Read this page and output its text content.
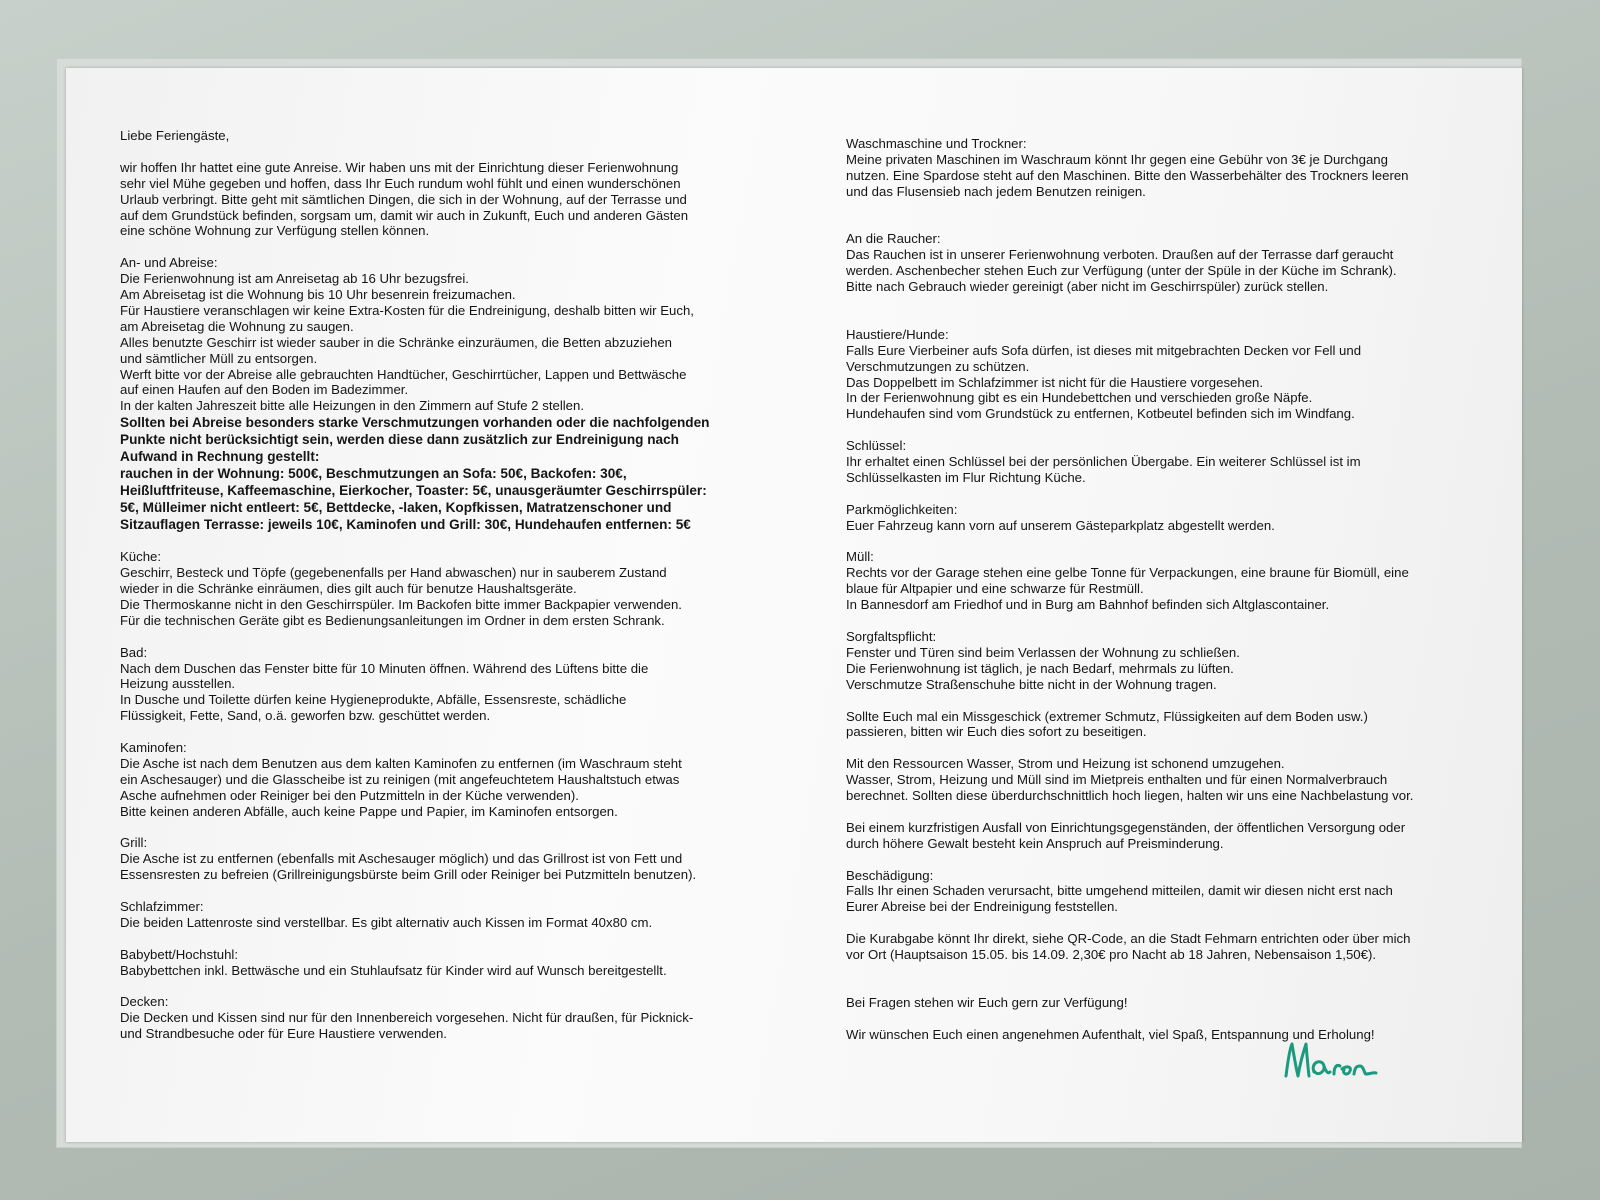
Liebe Feriengäste,
wir hoffen Ihr hattet eine gute Anreise. Wir haben uns mit der Einrichtung dieser Ferienwohnung
sehr viel Mühe gegeben und hoffen, dass Ihr Euch rundum wohl fühlt und einen wunderschönen
Urlaub verbringt. Bitte geht mit sämtlichen Dingen, die sich in der Wohnung, auf der Terrasse und
auf dem Grundstück befinden, sorgsam um, damit wir auch in Zukunft, Euch und anderen Gästen
eine schöne Wohnung zur Verfügung stellen können.
An- und Abreise:
Die Ferienwohnung ist am Anreisetag ab 16 Uhr bezugsfrei.
Am Abreisetag ist die Wohnung bis 10 Uhr besenrein freizumachen.
Für Haustiere veranschlagen wir keine Extra-Kosten für die Endreinigung, deshalb bitten wir Euch,
am Abreisetag die Wohnung zu saugen.
Alles benutzte Geschirr ist wieder sauber in die Schränke einzuräumen, die Betten abzuziehen
und sämtlicher Müll zu entsorgen.
Werft bitte vor der Abreise alle gebrauchten Handtücher, Geschirrtücher, Lappen und Bettwäsche
auf einen Haufen auf den Boden im Badezimmer.
In der kalten Jahreszeit bitte alle Heizungen in den Zimmern auf Stufe 2 stellen.
Sollten bei Abreise besonders starke Verschmutzungen vorhanden oder die nachfolgenden
Punkte nicht berücksichtigt sein, werden diese dann zusätzlich zur Endreinigung nach
Aufwand in Rechnung gestellt:
rauchen in der Wohnung: 500€, Beschmutzungen an Sofa: 50€, Backofen: 30€,
Heißluftfriteuse, Kaffeemaschine, Eierkocher, Toaster: 5€, unausgeräumter Geschirrspüler:
5€, Mülleimer nicht entleert: 5€, Bettdecke, -laken, Kopfkissen, Matratzenschoner und
Sitzauflagen Terrasse: jeweils 10€, Kaminofen und Grill: 30€, Hundehaufen entfernen: 5€
Küche:
Geschirr, Besteck und Töpfe (gegebenenfalls per Hand abwaschen) nur in sauberem Zustand
wieder in die Schränke einräumen, dies gilt auch für benutze Haushaltsgeräte.
Die Thermoskanne nicht in den Geschirrspüler. Im Backofen bitte immer Backpapier verwenden.
Für die technischen Geräte gibt es Bedienungsanleitungen im Ordner in dem ersten Schrank.
Bad:
Nach dem Duschen das Fenster bitte für 10 Minuten öffnen. Während des Lüftens bitte die
Heizung ausstellen.
In Dusche und Toilette dürfen keine Hygieneprodukte, Abfälle, Essensreste, schädliche
Flüssigkeit, Fette, Sand, o.ä. geworfen bzw. geschüttet werden.
Kaminofen:
Die Asche ist nach dem Benutzen aus dem kalten Kaminofen zu entfernen (im Waschraum steht
ein Aschesauger) und die Glasscheibe ist zu reinigen (mit angefeuchtetem Haushaltstuch etwas
Asche aufnehmen oder Reiniger bei den Putzmitteln in der Küche verwenden).
Bitte keinen anderen Abfälle, auch keine Pappe und Papier, im Kaminofen entsorgen.
Grill:
Die Asche ist zu entfernen (ebenfalls mit Aschesauger möglich) und das Grillrost ist von Fett und
Essensresten zu befreien (Grillreinigungsbürste beim Grill oder Reiniger bei Putzmitteln benutzen).
Schlafzimmer:
Die beiden Lattenroste sind verstellbar. Es gibt alternativ auch Kissen im Format 40x80 cm.
Babybett/Hochstuhl:
Babybettchen inkl. Bettwäsche und ein Stuhlaufsatz für Kinder wird auf Wunsch bereitgestellt.
Decken:
Die Decken und Kissen sind nur für den Innenbereich vorgesehen. Nicht für draußen, für Picknick-
und Strandbesuche oder für Eure Haustiere verwenden.
Waschmaschine und Trockner:
Meine privaten Maschinen im Waschraum könnt Ihr gegen eine Gebühr von 3€ je Durchgang
nutzen. Eine Spardose steht auf den Maschinen. Bitte den Wasserbehälter des Trockners leeren
und das Flusensieb nach jedem Benutzen reinigen.
An die Raucher:
Das Rauchen ist in unserer Ferienwohnung verboten. Draußen auf der Terrasse darf geraucht
werden. Aschenbecher stehen Euch zur Verfügung (unter der Spüle in der Küche im Schrank).
Bitte nach Gebrauch wieder gereinigt (aber nicht im Geschirrspüler) zurück stellen.
Haustiere/Hunde:
Falls Eure Vierbeiner aufs Sofa dürfen, ist dieses mit mitgebrachten Decken vor Fell und
Verschmutzungen zu schützen.
Das Doppelbett im Schlafzimmer ist nicht für die Haustiere vorgesehen.
In der Ferienwohnung gibt es ein Hundebettchen und verschieden große Näpfe.
Hundehaufen sind vom Grundstück zu entfernen, Kotbeutel befinden sich im Windfang.
Schlüssel:
Ihr erhaltet einen Schlüssel bei der persönlichen Übergabe. Ein weiterer Schlüssel ist im
Schlüsselkasten im Flur Richtung Küche.
Parkmöglichkeiten:
Euer Fahrzeug kann vorn auf unserem Gästeparkplatz abgestellt werden.
Müll:
Rechts vor der Garage stehen eine gelbe Tonne für Verpackungen, eine braune für Biomüll, eine
blaue für Altpapier und eine schwarze für Restmüll.
In Bannesdorf am Friedhof und in Burg am Bahnhof befinden sich Altglascontainer.
Sorgfaltspflicht:
Fenster und Türen sind beim Verlassen der Wohnung zu schließen.
Die Ferienwohnung ist täglich, je nach Bedarf, mehrmals zu lüften.
Verschmutze Straßenschuhe bitte nicht in der Wohnung tragen.
Sollte Euch mal ein Missgeschick (extremer Schmutz, Flüssigkeiten auf dem Boden usw.)
passieren, bitten wir Euch dies sofort zu beseitigen.
Mit den Ressourcen Wasser, Strom und Heizung ist schonend umzugehen.
Wasser, Strom, Heizung und Müll sind im Mietpreis enthalten und für einen Normalverbrauch
berechnet. Sollten diese überdurchschnittlich hoch liegen, halten wir uns eine Nachbelastung vor.
Bei einem kurzfristigen Ausfall von Einrichtungsgegenständen, der öffentlichen Versorgung oder
durch höhere Gewalt besteht kein Anspruch auf Preisminderung.
Beschädigung:
Falls Ihr einen Schaden verursacht, bitte umgehend mitteilen, damit wir diesen nicht erst nach
Eurer Abreise bei der Endreinigung feststellen.
Die Kurabgabe könnt Ihr direkt, siehe QR-Code, an die Stadt Fehmarn entrichten oder über mich
vor Ort (Hauptsaison 15.05. bis 14.09. 2,30€ pro Nacht ab 18 Jahren, Nebensaison 1,50€).
Bei Fragen stehen wir Euch gern zur Verfügung!
Wir wünschen Euch einen angenehmen Aufenthalt, viel Spaß, Entspannung und Erholung!
